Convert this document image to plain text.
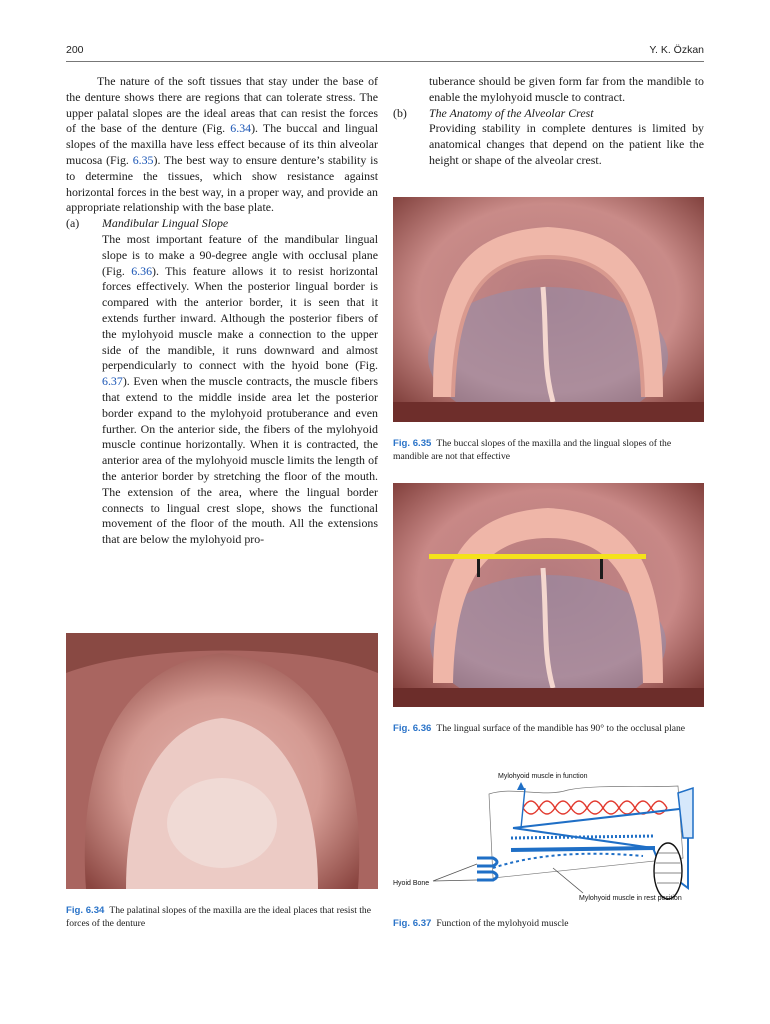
200	Y. K. Özkan

The nature of the soft tissues that stay under the base of the denture shows there are regions that can tolerate stress. The upper palatal slopes are the ideal areas that can resist the forces of the base of the denture (Fig. 6.34). The buccal and lingual slopes of the maxilla have less effect because of its thin alveolar mucosa (Fig. 6.35). The best way to ensure denture’s stability is to determine the tissues, which show resistance against horizontal forces in the best way, in a proper way, and provide an appropriate relationship with the base plate.

(a) Mandibular Lingual Slope

The most important feature of the mandibular lingual slope is to make a 90-degree angle with occlusal plane (Fig. 6.36). This feature allows it to resist horizontal forces effectively. When the posterior lingual border is compared with the anterior border, it is seen that it extends further inward. Although the posterior fibers of the mylohyoid muscle make a connection to the upper side of the mandible, it runs downward and almost perpendicularly to connect with the hyoid bone (Fig. 6.37). Even when the muscle contracts, the muscle fibers that extend to the middle inside area let the posterior border expand to the mylohyoid protuberance and even further. On the anterior side, the fibers of the mylohyoid muscle continue horizontally. When it is contracted, the anterior area of the mylohyoid muscle limits the length of the anterior border by stretching the floor of the mouth. The extension of the area, where the lingual border connects to lingual crest slope, shows the functional movement of the floor of the mouth. All the extensions that are below the mylohyoid pro-

tuberance should be given form far from the mandible to enable the mylohyoid muscle to contract.

(b) The Anatomy of the Alveolar Crest

Providing stability in complete dentures is limited by anatomical changes that depend on the patient like the height or shape of the alveolar crest.

Fig. 6.35 The buccal slopes of the maxilla and the lingual slopes of the mandible are not that effective
Fig. 6.36 The lingual surface of the mandible has 90° to the occlusal plane
Mylohyoid muscle in function
Hyoid Bone
Mylohyoid muscle in rest position
Fig. 6.37 Function of the mylohyoid muscle
Fig. 6.34 The palatinal slopes of the maxilla are the ideal places that resist the forces of the denture
